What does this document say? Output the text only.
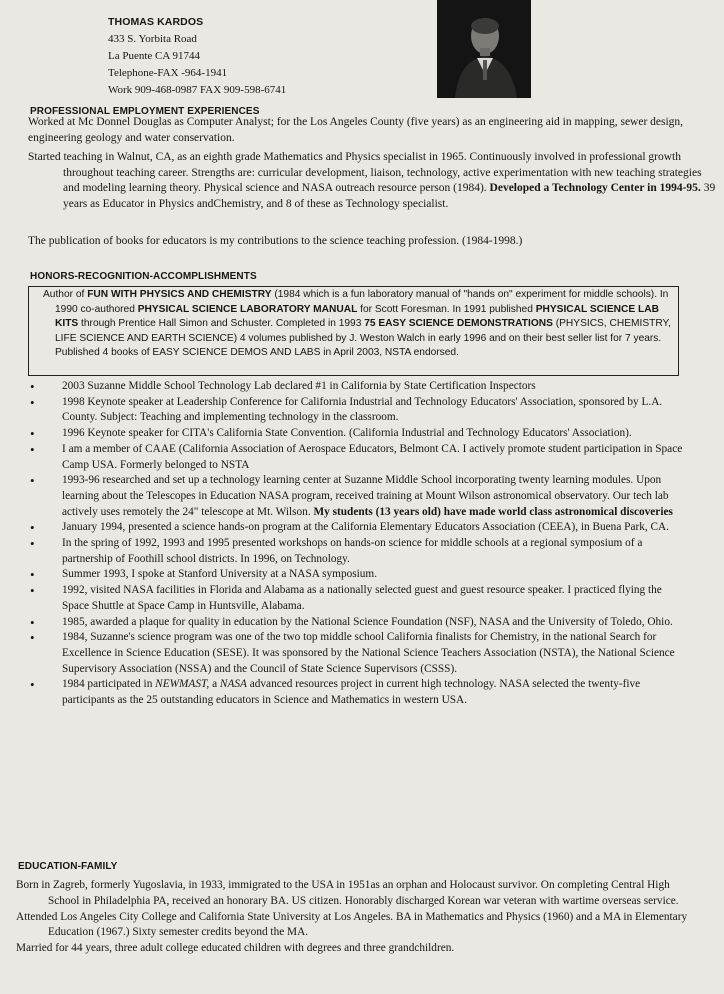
THOMAS KARDOS
433 S. Yorbita Road
La Puente CA 91744
Telephone-FAX -964-1941
Work 909-468-0987 FAX 909-598-6741
PROFESSIONAL EMPLOYMENT EXPERIENCES

Worked at Mc Donnel Douglas as Computer Analyst; for the Los Angeles County (five years) as an engineering aid in mapping, sewer design, engineering geology and water conservation.

Started teaching in Walnut, CA, as an eighth grade Mathematics and Physics specialist in 1965. Continuously involved in professional growth throughout teaching career. Strengths are: curricular development, liaison, technology, active experimentation with new teaching strategies and modeling learning theory. Physical science and NASA outreach resource person (1984). Developed a Technology Center in 1994-95. 39 years as Educator in Physics andChemistry, and 8 of these as Technology specialist.

The publication of books for educators is my contributions to the science teaching profession. (1984-1998.)

HONORS-RECOGNITION-ACCOMPLISHMENTS

Author of FUN WITH PHYSICS AND CHEMISTRY (1984 which is a fun laboratory manual of "hands on" experiment for middle schools). In 1990 co-authored PHYSICAL SCIENCE LABORATORY MANUAL for Scott Foresman. In 1991 published PHYSICAL SCIENCE LAB KITS through Prentice Hall Simon and Schuster. Completed in 1993 75 EASY SCIENCE DEMONSTRATIONS (PHYSICS, CHEMISTRY, LIFE SCIENCE AND EARTH SCIENCE) 4 volumes published by J. Weston Walch in early 1996 and on their best seller list for 7 years. Published 4 books of EASY SCIENCE DEMOS AND LABS in April 2003, NSTA endorsed.

• 2003 Suzanne Middle School Technology Lab declared #1 in California by State Certification Inspectors
• 1998 Keynote speaker at Leadership Conference for California Industrial and Technology Educators' Association, sponsored by L.A. County. Subject: Teaching and implementing technology in the classroom.
• 1996 Keynote speaker for CITA's California State Convention. (California Industrial and Technology Educators' Association).
• I am a member of CAAE (California Association of Aerospace Educators, Belmont CA. I actively promote student participation in Space Camp USA. Formerly belonged to NSTA
• 1993-96 researched and set up a technology learning center at Suzanne Middle School incorporating twenty learning modules. Upon learning about the Telescopes in Education NASA program, received training at Mount Wilson astronomical observatory. Our tech lab actively uses remotely the 24" telescope at Mt. Wilson. My students (13 years old) have made world class astronomical discoveries
• January 1994, presented a science hands-on program at the California Elementary Educators Association (CEEA), in Buena Park, CA.
• In the spring of 1992, 1993 and 1995 presented workshops on hands-on science for middle schools at a regional symposium of a partnership of Foothill school districts. In 1996, on Technology.
• Summer 1993, I spoke at Stanford University at a NASA symposium.
• 1992, visited NASA facilities in Florida and Alabama as a nationally selected guest and guest resource speaker. I practiced flying the Space Shuttle at Space Camp in Huntsville, Alabama.
• 1985, awarded a plaque for quality in education by the National Science Foundation (NSF), NASA and the University of Toledo, Ohio.
• 1984, Suzanne's science program was one of the two top middle school California finalists for Chemistry, in the national Search for Excellence in Science Education (SESE). It was sponsored by the National Science Teachers Association (NSTA), the National Science Supervisory Association (NSSA) and the Council of State Science Supervisors (CSSS).
• 1984 participated in NEWMAST, a NASA advanced resources project in current high technology. NASA selected the twenty-five participants as the 25 outstanding educators in Science and Mathematics in western USA.
EDUCATION-FAMILY

Born in Zagreb, formerly Yugoslavia, in 1933, immigrated to the USA in 1951as an orphan and Holocaust survivor. On completing Central High School in Philadelphia PA, received an honorary BA. US citizen. Honorably discharged Korean war veteran with wartime overseas service.

Attended Los Angeles City College and California State University at Los Angeles. BA in Mathematics and Physics (1960) and a MA in Elementary Education (1967.) Sixty semester credits beyond the MA.

Married for 44 years, three adult college educated children with degrees and three grandchildren.
